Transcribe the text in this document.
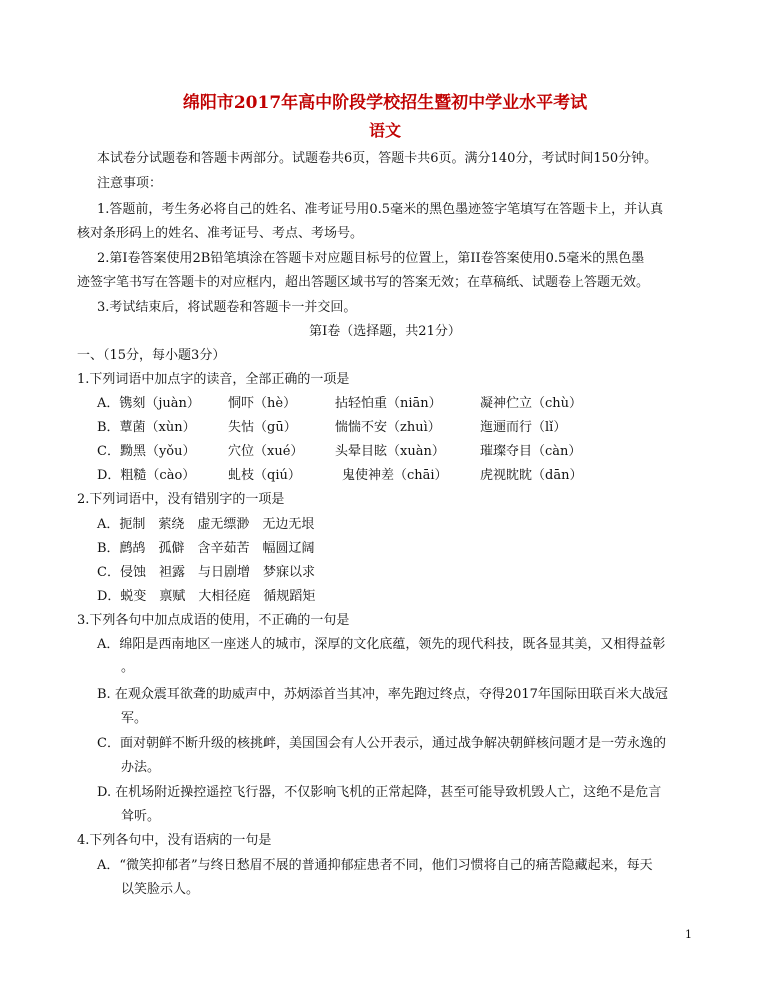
绵阳市2017年高中阶段学校招生暨初中学业水平考试
语文
本试卷分试题卷和答题卡两部分。试题卷共6页，答题卡共6页。满分140分，考试时间150分钟。
注意事项：
1.答题前，考生务必将自己的姓名、准考证号用0.5毫米的黑色墨迹签字笔填写在答题卡上，并认真
核对条形码上的姓名、准考证号、考点、考场号。
2.第I卷答案使用2B铅笔填涂在答题卡对应题目标号的位置上，第II卷答案使用0.5毫米的黑色墨
迹签字笔书写在答题卡的对应框内，超出答题区域书写的答案无效；在草稿纸、试题卷上答题无效。
3.考试结束后，将试题卷和答题卡一并交回。
第I卷（选择题，共21分）
一、（15分，每小题3分）
1.下列词语中加点字的读音，全部正确的一项是
A．镌刻（juàn） 恫吓（hè）	拈轻怕重（niān）	凝神伫立（chù）
B．蕈菌（xùn） 失怙（gū）	惴惴不安（zhuì）	迤逦而行（lǐ）
C．黝黑（yǒu）	穴位（xué） 头晕目眩（xuàn）	璀璨夺目（càn）
D．粗糙（cào）	虬枝（qiú）	鬼使神差（chāi） 虎视眈眈（dān）
2.下列词语中，没有错别字的一项是
A．扼制　萦绕　虚无缥渺　无边无垠
B．鹧鸪　孤僻　含辛茹苦　幅圆辽阔
C．侵蚀　袒露　与日剧增　梦寐以求
D．蜕变　禀赋　大相径庭　循规蹈矩
3.下列各句中加点成语的使用，不正确的一句是
A．绵阳是西南地区一座迷人的城市，深厚的文化底蕴，领先的现代科技，既各显其美，又相得益彰
。
B. 在观众震耳欲聋的助威声中，苏炳添首当其冲，率先跑过终点，夺得2017年国际田联百米大战冠
军。
C．面对朝鲜不断升级的核挑衅，美国国会有人公开表示，通过战争解决朝鲜核问题才是一劳永逸的
办法。
D. 在机场附近操控遥控飞行器，不仅影响飞机的正常起降，甚至可能导致机毁人亡，这绝不是危言
耸听。
4.下列各句中，没有语病的一句是
A．“微笑抑郁者”与终日愁眉不展的普通抑郁症患者不同，他们习惯将自己的痛苦隐藏起来，每天
以笑脸示人。
1
